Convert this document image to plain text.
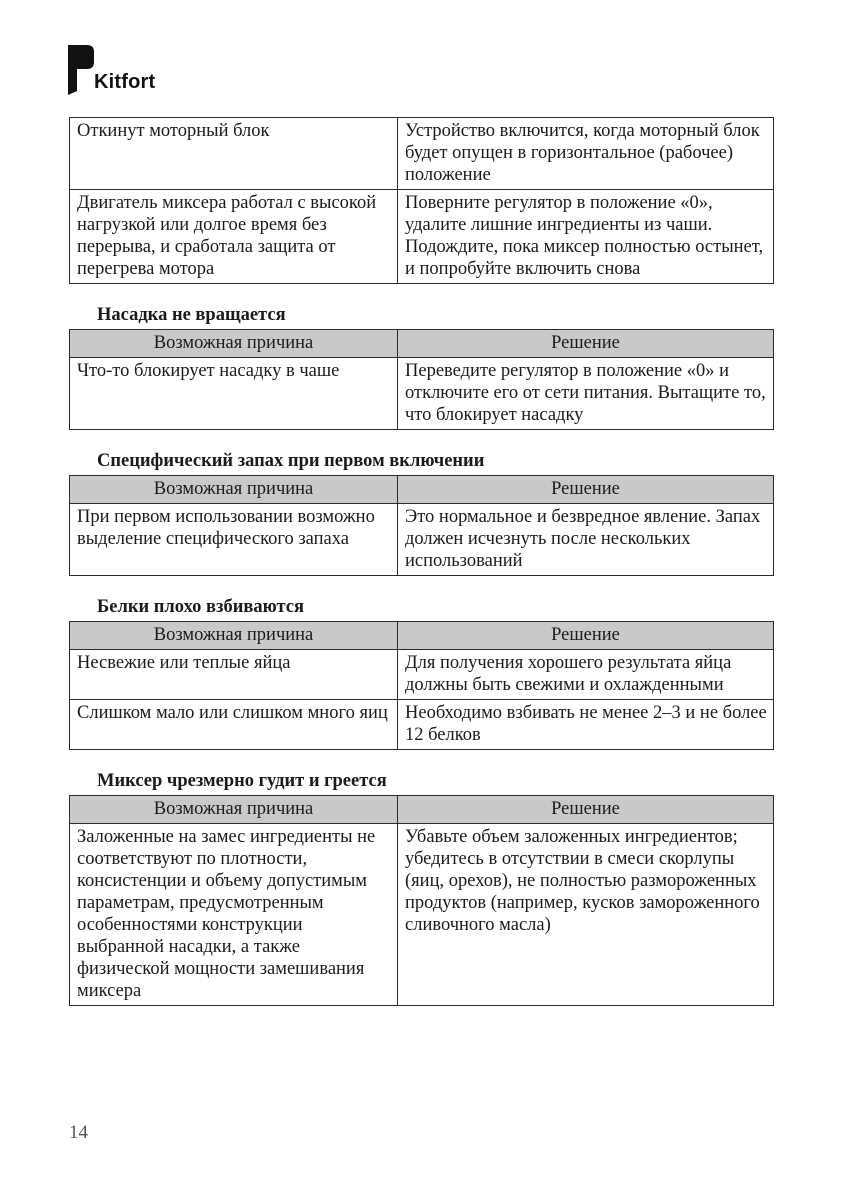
Kitfort
Откинут моторный блок	Устройство включится, когда моторный блок будет опущен в горизонтальное (рабочее) положение
Двигатель миксера работал с высокой нагрузкой или долгое время без перерыва, и сработала защита от перегрева мотора	Поверните регулятор в положение «0», удалите лишние ингредиенты из чаши. Подождите, пока миксер полностью остынет, и попробуйте включить снова
Насадка не вращается
Возможная причина	Решение
Что-то блокирует насадку в чаше	Переведите регулятор в положение «0» и отключите его от сети питания. Вытащите то, что блокирует насадку
Специфический запах при первом включении
Возможная причина	Решение
При первом использовании возможно выделение специфического запаха	Это нормальное и безвредное явление. Запах должен исчезнуть после нескольких использований
Белки плохо взбиваются
Возможная причина	Решение
Несвежие или теплые яйца	Для получения хорошего результата яйца должны быть свежими и охлажденными
Слишком мало или слишком много яиц	Необходимо взбивать не менее 2–3 и не более 12 белков
Миксер чрезмерно гудит и греется
Возможная причина	Решение
Заложенные на замес ингредиенты не соответствуют по плотности, консистенции и объему допустимым параметрам, предусмотренным особенностями конструкции выбранной насадки, а также физической мощности замешивания миксера	Убавьте объем заложенных ингредиентов; убедитесь в отсутствии в смеси скорлупы (яиц, орехов), не полностью размороженных продуктов (например, кусков замороженного сливочного масла)
14
